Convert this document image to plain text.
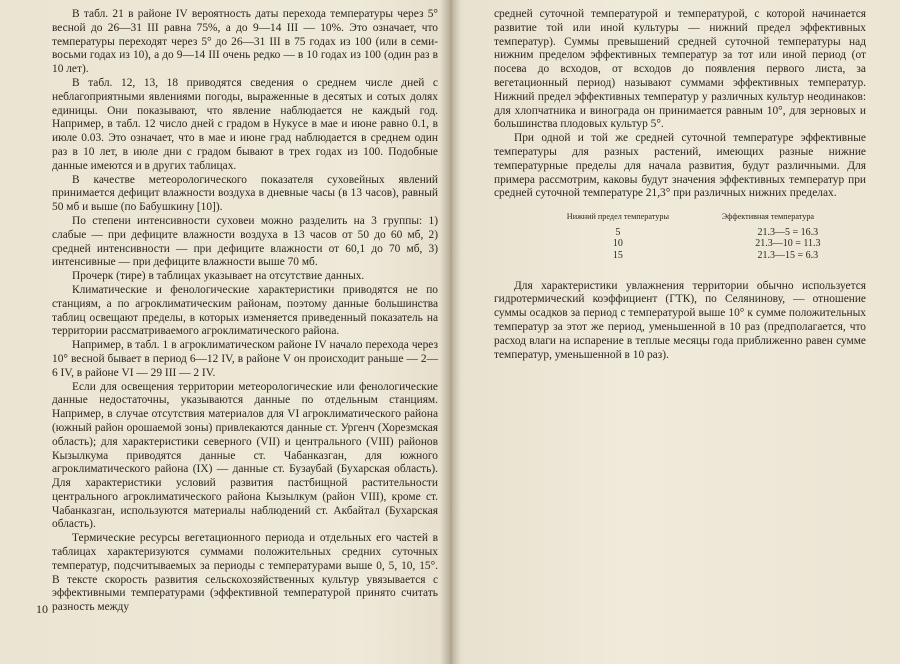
В табл. 21 в районе IV вероятность даты перехода температуры через 5° весной до 26—31 III равна 75%, а до 9—14 III — 10%. Это означает, что температуры переходят через 5° до 26—31 III в 75 годах из 100 (или в семи-восьми годах из 10), а до 9—14 III очень редко — в 10 годах из 100 (один раз в 10 лет).

В табл. 12, 13, 18 приводятся сведения о среднем числе дней с неблагоприятными явлениями погоды, выраженные в десятых и сотых долях единицы. Они показывают, что явление наблюдается не каждый год. Например, в табл. 12 число дней с градом в Нукусе в мае и июне равно 0.1, в июле 0.03. Это означает, что в мае и июне град наблюдается в среднем один раз в 10 лет, в июле дни с градом бывают в трех годах из 100. Подобные данные имеются и в других таблицах.

В качестве метеорологического показателя суховейных явлений принимается дефицит влажности воздуха в дневные часы (в 13 часов), равный 50 мб и выше (по Бабушкину [10]).

По степени интенсивности суховеи можно разделить на 3 группы: 1) слабые — при дефиците влажности воздуха в 13 часов от 50 до 60 мб, 2) средней интенсивности — при дефиците влажности от 60,1 до 70 мб, 3) интенсивные — при дефиците влажности выше 70 мб.

Прочерк (тире) в таблицах указывает на отсутствие данных.

Климатические и фенологические характеристики приводятся не по станциям, а по агроклиматическим районам, поэтому данные большинства таблиц освещают пределы, в которых изменяется приведенный показатель на территории рассматриваемого агроклиматического района.

Например, в табл. 1 в агроклиматическом районе IV начало перехода через 10° весной бывает в период 6—12 IV, в районе V он происходит раньше — 2—6 IV, в районе VI — 29 III — 2 IV.

Если для освещения территории метеорологические или фенологические данные недостаточны, указываются данные по отдельным станциям. Например, в случае отсутствия материалов для VI агроклиматического района (южный район орошаемой зоны) привлекаются данные ст. Ургенч (Хорезмская область); для характеристики северного (VII) и центрального (VIII) районов Кызылкума приводятся данные ст. Чабанказган, для южного агроклиматического района (IX) — данные ст. Бузаубай (Бухарская область). Для характеристики условий развития пастбищной растительности центрального агроклиматического района Кызылкум (район VIII), кроме ст. Чабанказган, используются материалы наблюдений ст. Акбайтал (Бухарская область).

Термические ресурсы вегетационного периода и отдельных его частей в таблицах характеризуются суммами положительных средних суточных температур, подсчитываемых за периоды с температурами выше 0, 5, 10, 15°. В тексте скорость развития сельскохозяйственных культур увязывается с эффективными температурами (эффективной температурой принято считать разность между

10

средней суточной температурой и температурой, с которой начинается развитие той или иной культуры — нижний предел эффективных температур). Суммы превышений средней суточной температуры над нижним пределом эффективных температур за тот или иной период (от посева до всходов, от всходов до появления первого листа, за вегетационный период) называют суммами эффективных температур. Нижний предел эффективных температур у различных культур неодинаков: для хлопчатника и винограда он принимается равным 10°, для зерновых и большинства плодовых культур 5°.

При одной и той же средней суточной температуре эффективные температуры для разных растений, имеющих разные нижние температурные пределы для начала развития, будут различными. Для примера рассмотрим, каковы будут значения эффективных температур при средней суточной температуре 21,3° при различных нижних пределах.

Нижний предел температуры	Эффективная температура
5	21.3—5 = 16.3
10	21.3—10 = 11.3
15	21.3—15 = 6.3

Для характеристики увлажнения территории обычно используется гидротермический коэффициент (ГТК), по Селянинову, — отношение суммы осадков за период с температурой выше 10° к сумме положительных температур за этот же период, уменьшенной в 10 раз (предполагается, что расход влаги на испарение в теплые месяцы года приближенно равен сумме температур, уменьшенной в 10 раз).
